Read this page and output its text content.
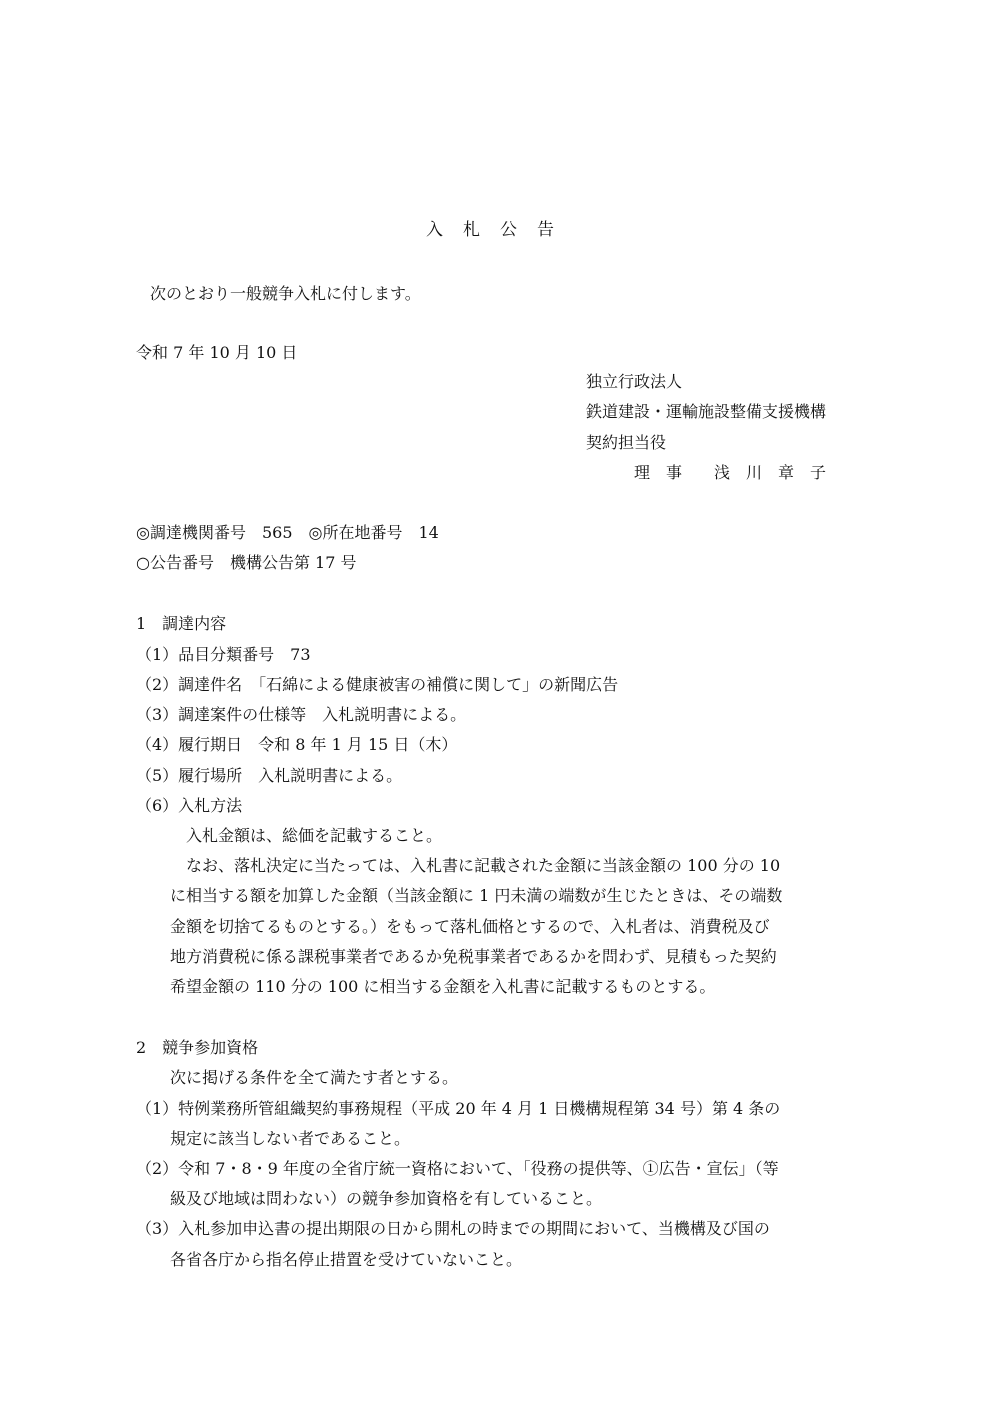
入札公告
次のとおり一般競争入札に付します。
令和 7 年 10 月 10 日
独立行政法人
鉄道建設・運輸施設整備支援機構
契約担当役
理　事　　浅　川　章　子
◎調達機関番号　565　◎所在地番号　14
○公告番号　機構公告第 17 号
1　調達内容
（1）品目分類番号　73
（2）調達件名　「石綿による健康被害の補償に関して」の新聞広告
（3）調達案件の仕様等　入札説明書による。
（4）履行期日　令和 8 年 1 月 15 日（木）
（5）履行場所　入札説明書による。
（6）入札方法
入札金額は、総価を記載すること。
なお、落札決定に当たっては、入札書に記載された金額に当該金額の 100 分の 10
に相当する額を加算した金額（当該金額に 1 円未満の端数が生じたときは、その端数
金額を切捨てるものとする。）をもって落札価格とするので、入札者は、消費税及び
地方消費税に係る課税事業者であるか免税事業者であるかを問わず、見積もった契約
希望金額の 110 分の 100 に相当する金額を入札書に記載するものとする。
2　競争参加資格
次に掲げる条件を全て満たす者とする。
（1）特例業務所管組織契約事務規程（平成 20 年 4 月 1 日機構規程第 34 号）第 4 条の
規定に該当しない者であること。
（2）令和 7・8・9 年度の全省庁統一資格において、「役務の提供等、①広告・宣伝」（等
級及び地域は問わない）の競争参加資格を有していること。
（3）入札参加申込書の提出期限の日から開札の時までの期間において、当機構及び国の
各省各庁から指名停止措置を受けていないこと。
